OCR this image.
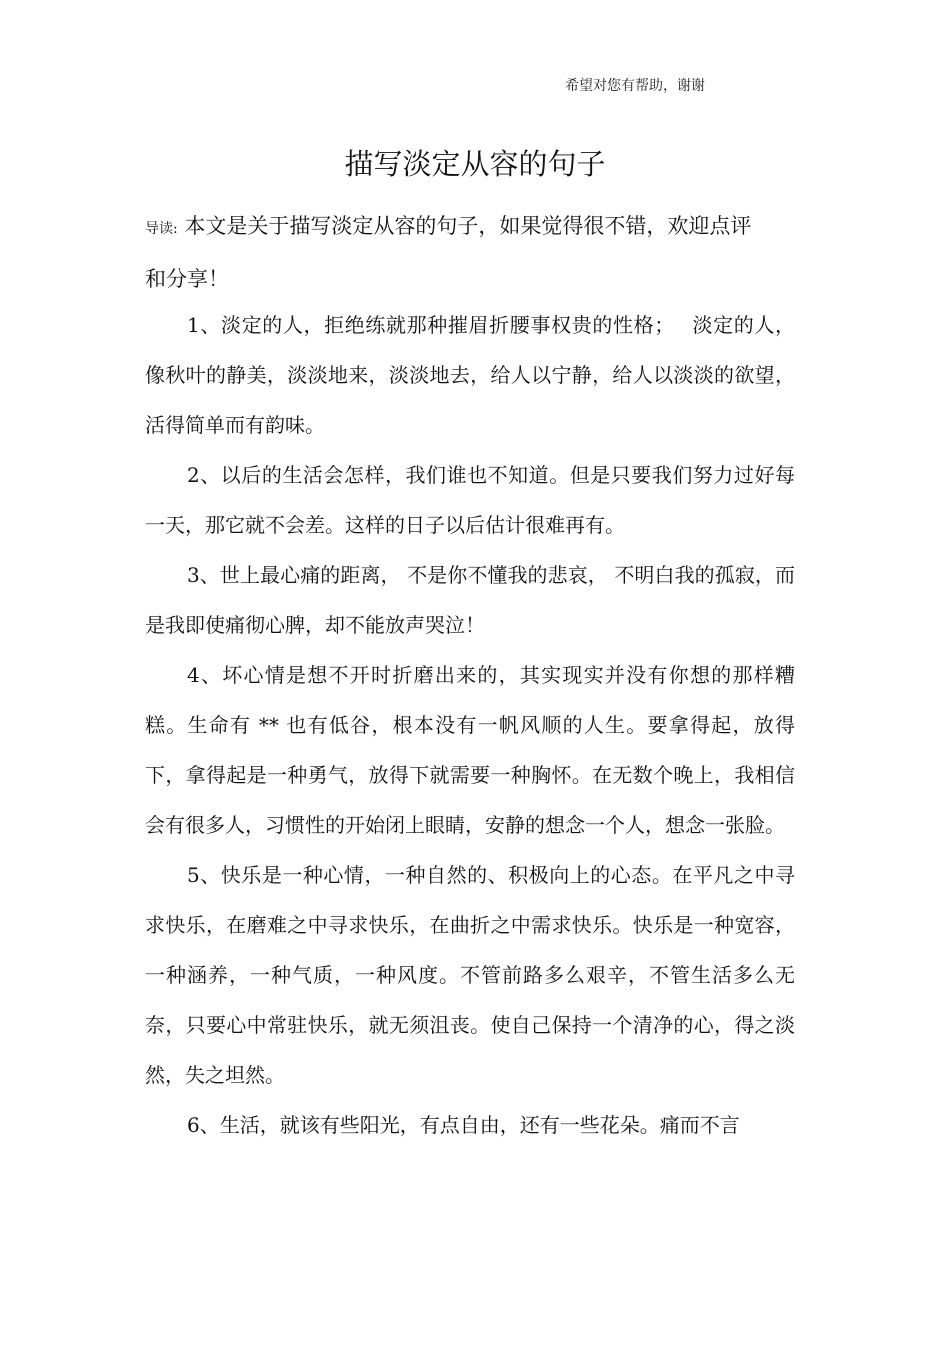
希望对您有帮助，谢谢
描写淡定从容的句子

导读: 本文是关于描写淡定从容的句子，如果觉得很不错，欢迎点评和分享！

1、淡定的人，拒绝练就那种摧眉折腰事权贵的性格；　 淡定的人，像秋叶的静美，淡淡地来，淡淡地去，给人以宁静，给人以淡淡的欲望，活得简单而有韵味。

2、以后的生活会怎样，我们谁也不知道。但是只要我们努力过好每一天，那它就不会差。这样的日子以后估计很难再有。

3、世上最心痛的距离， 不是你不懂我的悲哀， 不明白我的孤寂，而是我即使痛彻心脾，却不能放声哭泣！

4、坏心情是想不开时折磨出来的，其实现实并没有你想的那样糟糕。生命有 ** 也有低谷，根本没有一帆风顺的人生。要拿得起，放得下，拿得起是一种勇气，放得下就需要一种胸怀。在无数个晚上，我相信会有很多人，习惯性的开始闭上眼睛，安静的想念一个人，想念一张脸。

5、快乐是一种心情，一种自然的、积极向上的心态。在平凡之中寻求快乐，在磨难之中寻求快乐，在曲折之中需求快乐。快乐是一种宽容，一种涵养，一种气质，一种风度。不管前路多么艰辛，不管生活多么无奈，只要心中常驻快乐，就无须沮丧。使自己保持一个清净的心，得之淡然，失之坦然。

6、生活，就该有些阳光，有点自由，还有一些花朵。痛而不言
